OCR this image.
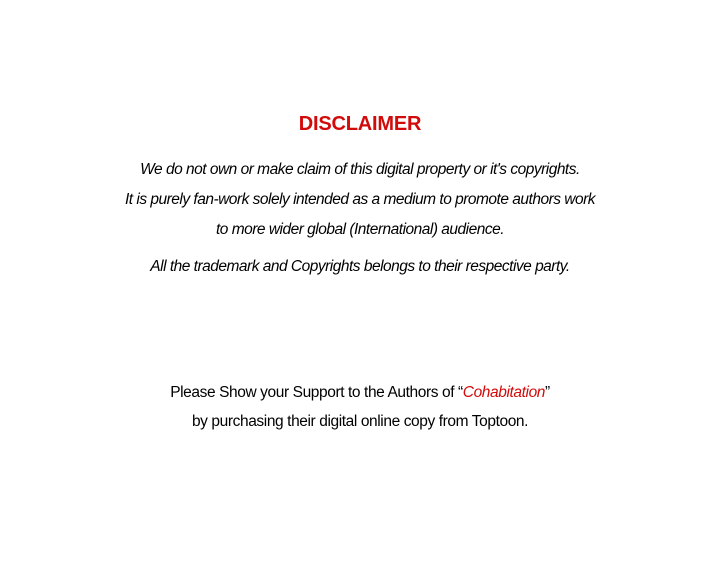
DISCLAIMER

We do not own or make claim of this digital property or it's copyrights.

It is purely fan-work solely intended as a medium to promote authors work

to more wider global (International) audience.

All the trademark and Copyrights belongs to their respective party.

Please Show your Support to the Authors of “Cohabitation”

by purchasing their digital online copy from Toptoon.
